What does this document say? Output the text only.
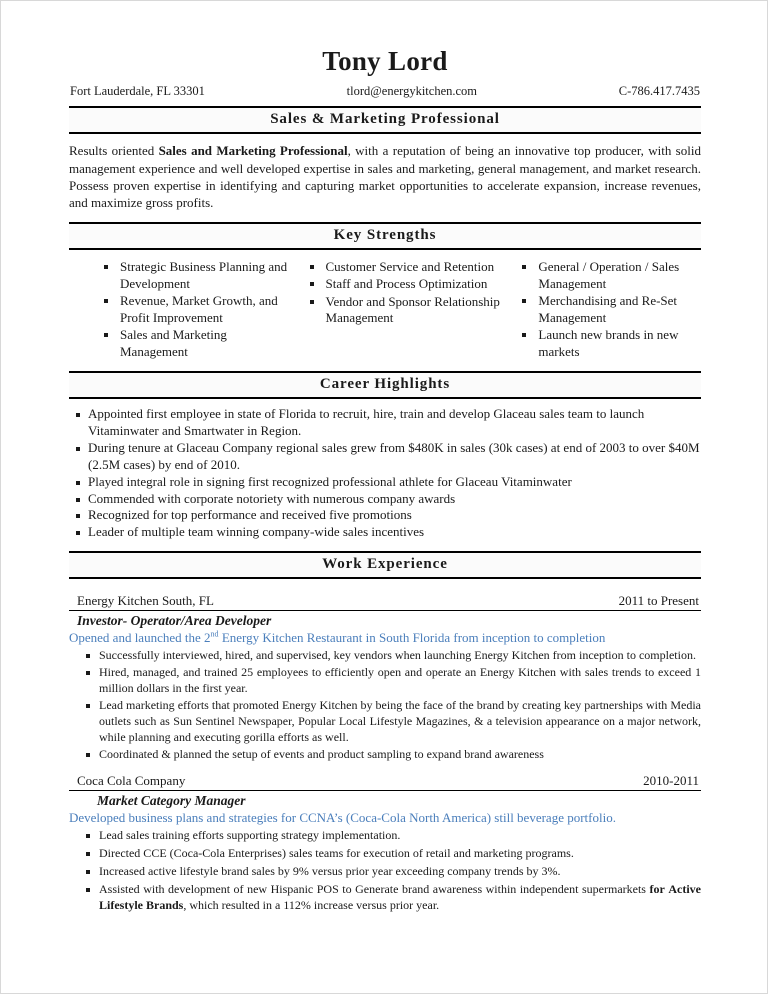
Tony Lord
Fort Lauderdale, FL 33301	tlord@energykitchen.com	C-786.417.7435
Sales & Marketing Professional

Results oriented Sales and Marketing Professional, with a reputation of being an innovative top producer, with solid management experience and well developed expertise in sales and marketing, general management, and market research. Possess proven expertise in identifying and capturing market opportunities to accelerate expansion, increase revenues, and maximize gross profits.

Key Strengths
Strategic Business Planning and Development
Revenue, Market Growth, and Profit Improvement
Sales and Marketing Management
Customer Service and Retention
Staff and Process Optimization
Vendor and Sponsor Relationship Management
General / Operation / Sales Management
Merchandising and Re-Set Management
Launch new brands in new markets
Career Highlights
Appointed first employee in state of Florida to recruit, hire, train and develop Glaceau sales team to launch Vitaminwater and Smartwater in Region.
During tenure at Glaceau Company regional sales grew from $480K in sales (30k cases) at end of 2003 to over $40M (2.5M cases) by end of 2010.
Played integral role in signing first recognized professional athlete for Glaceau Vitaminwater
Commended with corporate notoriety with numerous company awards
Recognized for top performance and received five promotions
Leader of multiple team winning company-wide sales incentives
Work Experience
Energy Kitchen South, FL	2011 to Present
Investor- Operator/Area Developer
Opened and launched the 2nd Energy Kitchen Restaurant in South Florida from inception to completion
Successfully interviewed, hired, and supervised, key vendors when launching Energy Kitchen from inception to completion.
Hired, managed, and trained 25 employees to efficiently open and operate an Energy Kitchen with sales trends to exceed 1 million dollars in the first year.
Lead marketing efforts that promoted Energy Kitchen by being the face of the brand by creating key partnerships with Media outlets such as Sun Sentinel Newspaper, Popular Local Lifestyle Magazines, & a television appearance on a major network, while planning and executing gorilla efforts as well.
Coordinated & planned the setup of events and product sampling to expand brand awareness
Coca Cola Company	2010-2011
Market Category Manager
Developed business plans and strategies for CCNA’s (Coca-Cola North America) still beverage portfolio.
Lead sales training efforts supporting strategy implementation.
Directed CCE (Coca-Cola Enterprises) sales teams for execution of retail and marketing programs.
Increased active lifestyle brand sales by 9% versus prior year exceeding company trends by 3%.
Assisted with development of new Hispanic POS to Generate brand awareness within independent supermarkets for Active Lifestyle Brands, which resulted in a 112% increase versus prior year.
